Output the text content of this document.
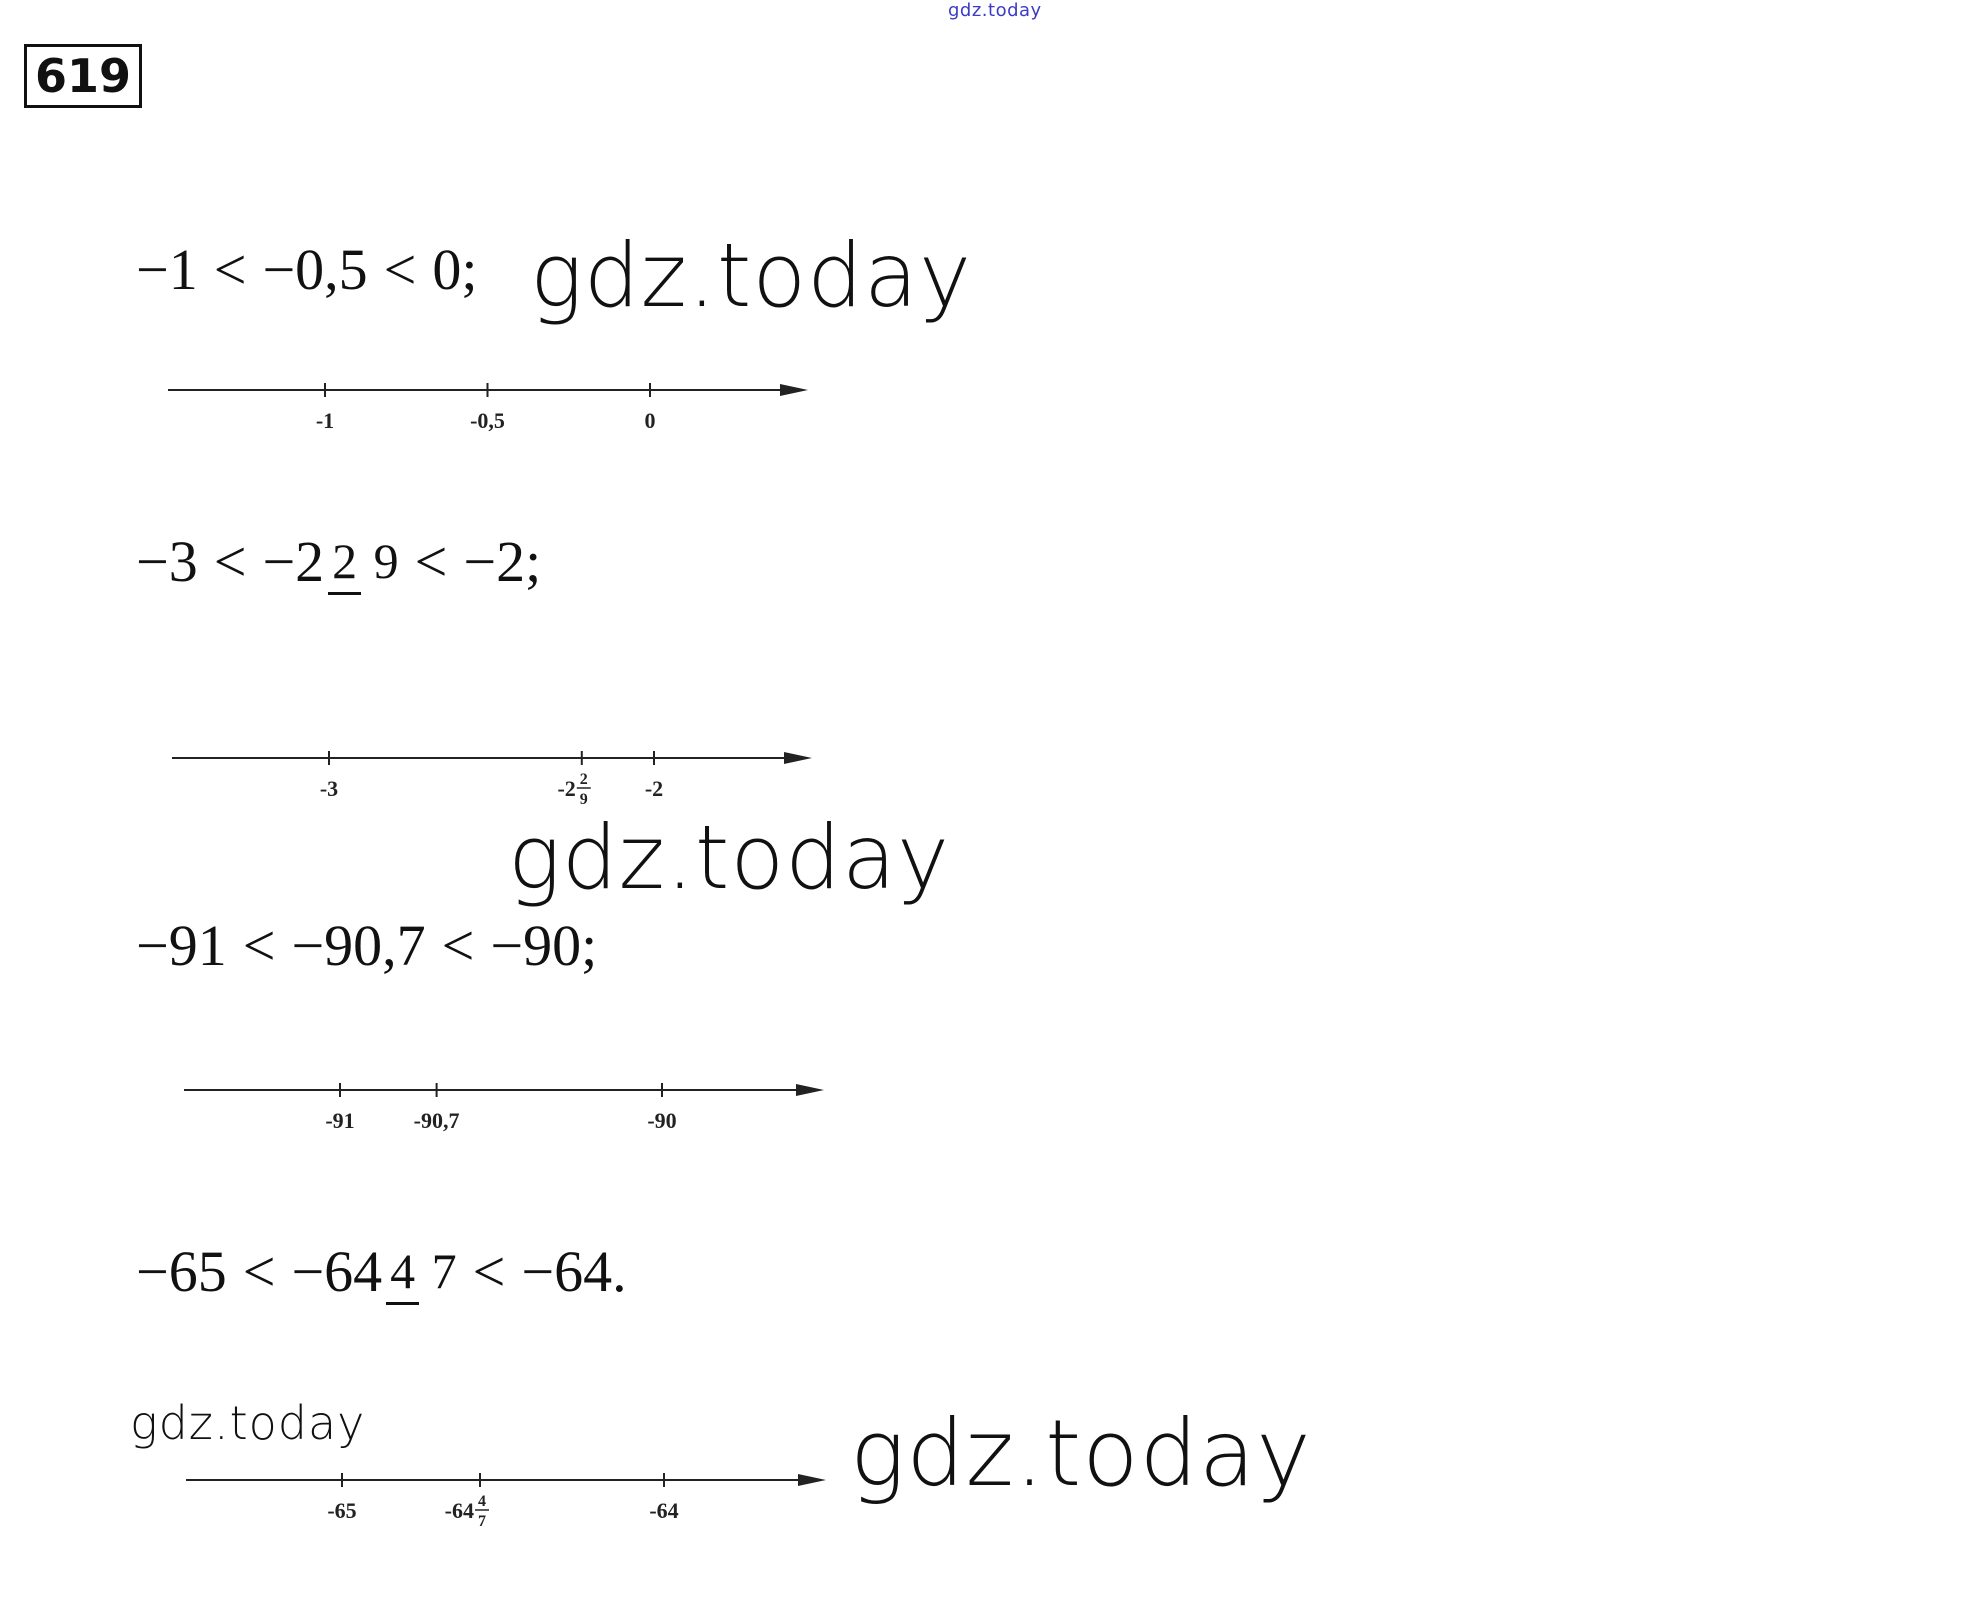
gdz.today
619
−1 < −0,5 < 0; gdz.today
-1	-0,5	0
−3 < −2 2 9 < −2;
-3	-2 2
9	-2
gdz.today
−91 < −90,7 < −90;
-91	-90,7	-90
−65 < −64 4 7 < −64.
gdz.today
-65	-64 4
7	-64
gdz.today
